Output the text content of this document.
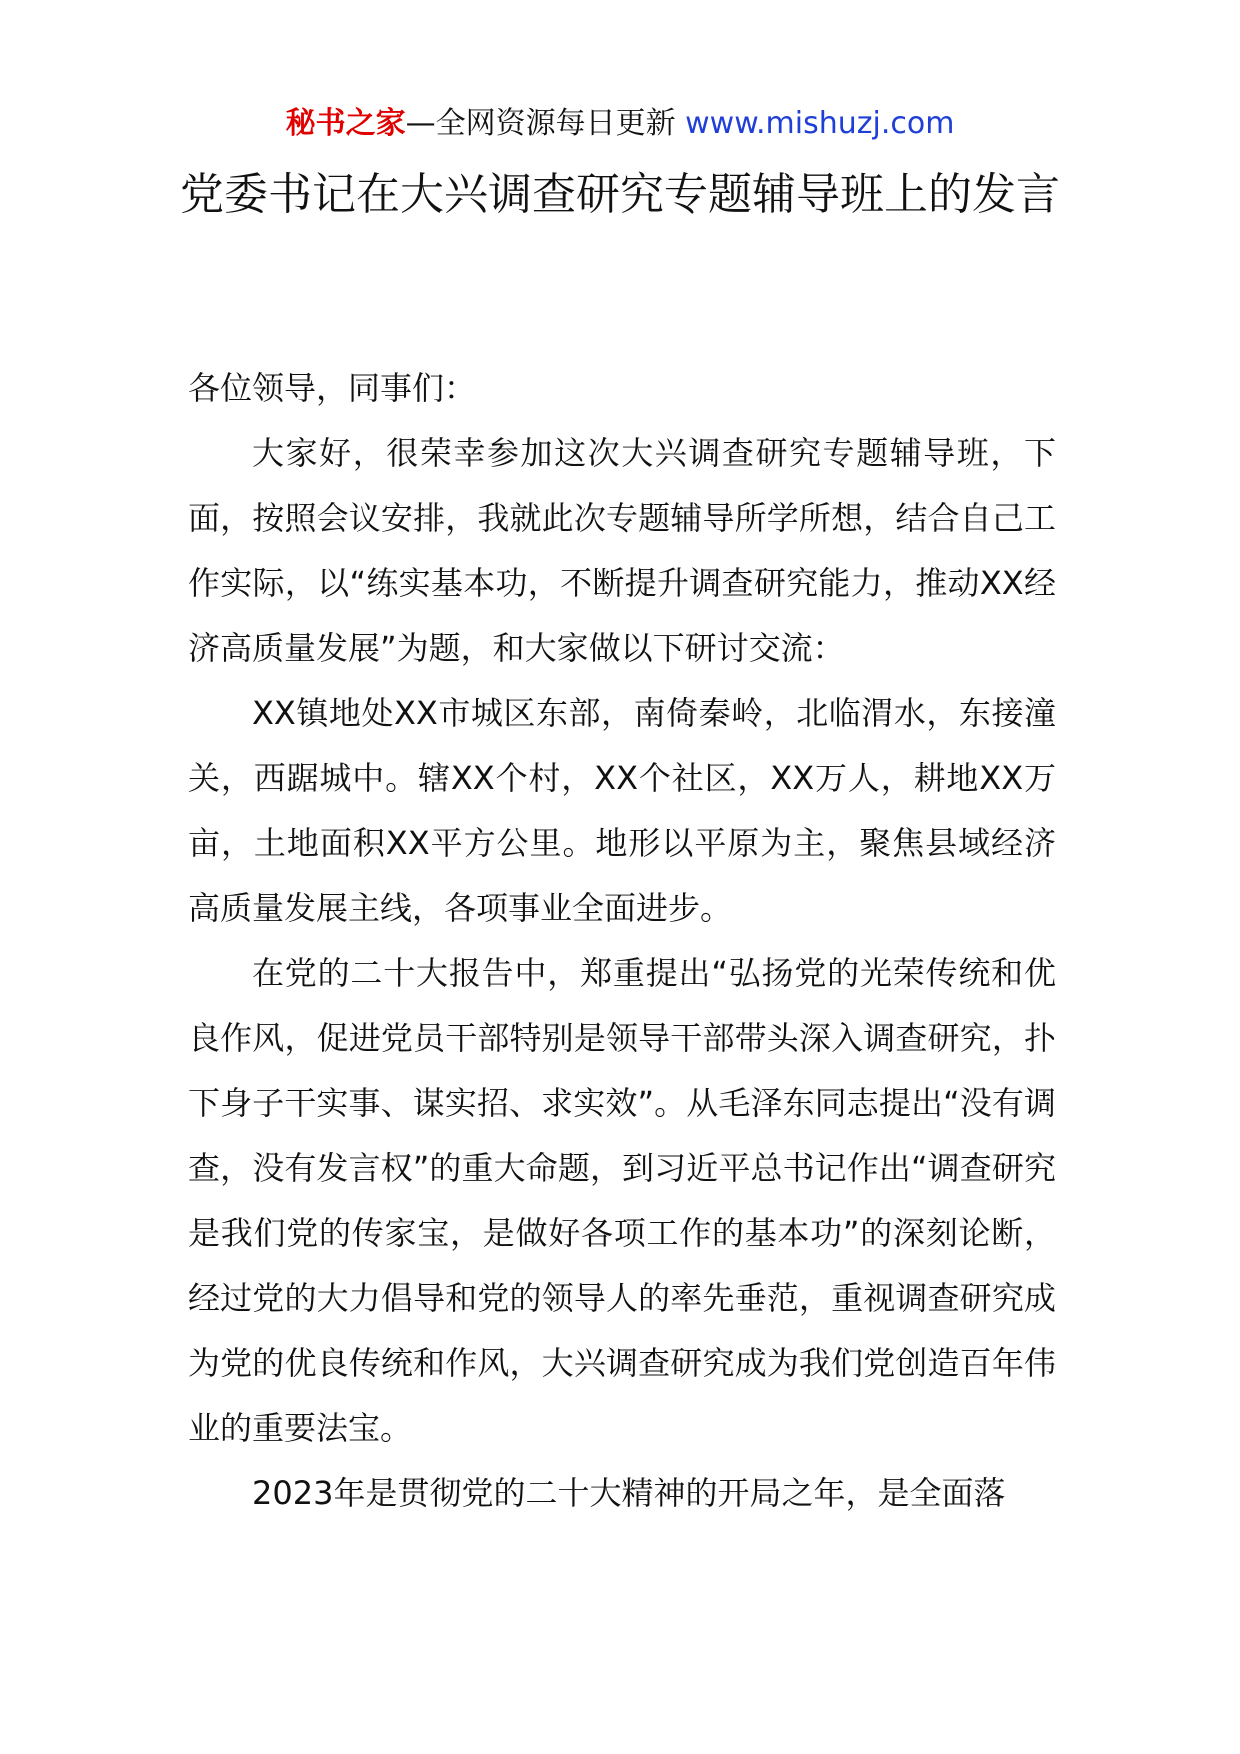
秘书之家—全网资源每日更新 www.mishuzj.com
党委书记在大兴调查研究专题辅导班上的发言

各位领导，同事们：

大家好，很荣幸参加这次大兴调查研究专题辅导班，下面，按照会议安排，我就此次专题辅导所学所想，结合自己工作实际，以“练实基本功，不断提升调查研究能力，推动XX经济高质量发展”为题，和大家做以下研讨交流：

XX镇地处XX市城区东部，南倚秦岭，北临渭水，东接潼关，西踞城中。辖XX个村，XX个社区，XX万人，耕地XX万亩，土地面积XX平方公里。地形以平原为主，聚焦县域经济高质量发展主线，各项事业全面进步。

在党的二十大报告中，郑重提出“弘扬党的光荣传统和优良作风，促进党员干部特别是领导干部带头深入调查研究，扑下身子干实事、谋实招、求实效”。从毛泽东同志提出“没有调查，没有发言权”的重大命题，到习近平总书记作出“调查研究是我们党的传家宝，是做好各项工作的基本功”的深刻论断，经过党的大力倡导和党的领导人的率先垂范，重视调查研究成为党的优良传统和作风，大兴调查研究成为我们党创造百年伟业的重要法宝。

2023年是贯彻党的二十大精神的开局之年，是全面落
